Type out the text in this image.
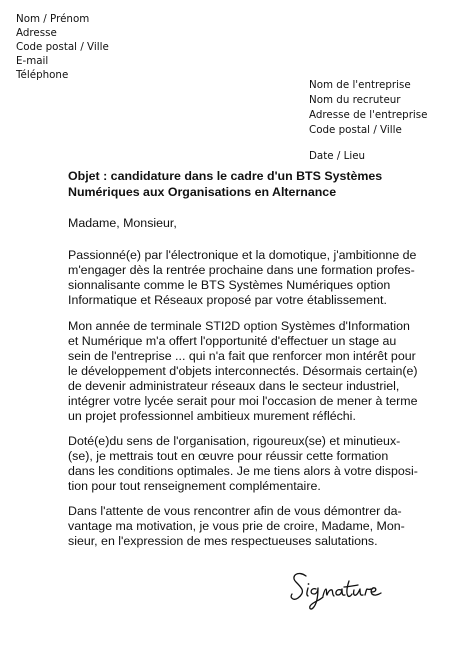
Nom / Prénom
Adresse
Code postal / Ville
E-mail
Téléphone
Nom de l'entreprise
Nom du recruteur
Adresse de l'entreprise
Code postal / Ville
Date / Lieu
Objet : candidature dans le cadre d'un BTS Systèmes
Numériques aux Organisations en Alternance
Madame, Monsieur,
Passionné(e) par l'électronique et la domotique, j'ambitionne de
m'engager dès la rentrée prochaine dans une formation profes-
sionnalisante comme le BTS Systèmes Numériques option
Informatique et Réseaux proposé par votre établissement.
Mon année de terminale STI2D option Systèmes d'Information
et Numérique m'a offert l'opportunité d'effectuer un stage au
sein de l'entreprise ... qui n'a fait que renforcer mon intérêt pour
le développement d'objets interconnectés. Désormais certain(e)
de devenir administrateur réseaux dans le secteur industriel,
intégrer votre lycée serait pour moi l'occasion de mener à terme
un projet professionnel ambitieux murement réfléchi.
Doté(e)du sens de l'organisation, rigoureux(se) et minutieux-
(se), je mettrais tout en œuvre pour réussir cette formation
dans les conditions optimales. Je me tiens alors à votre disposi-
tion pour tout renseignement complémentaire.
Dans l'attente de vous rencontrer afin de vous démontrer da-
vantage ma motivation, je vous prie de croire, Madame, Mon-
sieur, en l'expression de mes respectueuses salutations.
